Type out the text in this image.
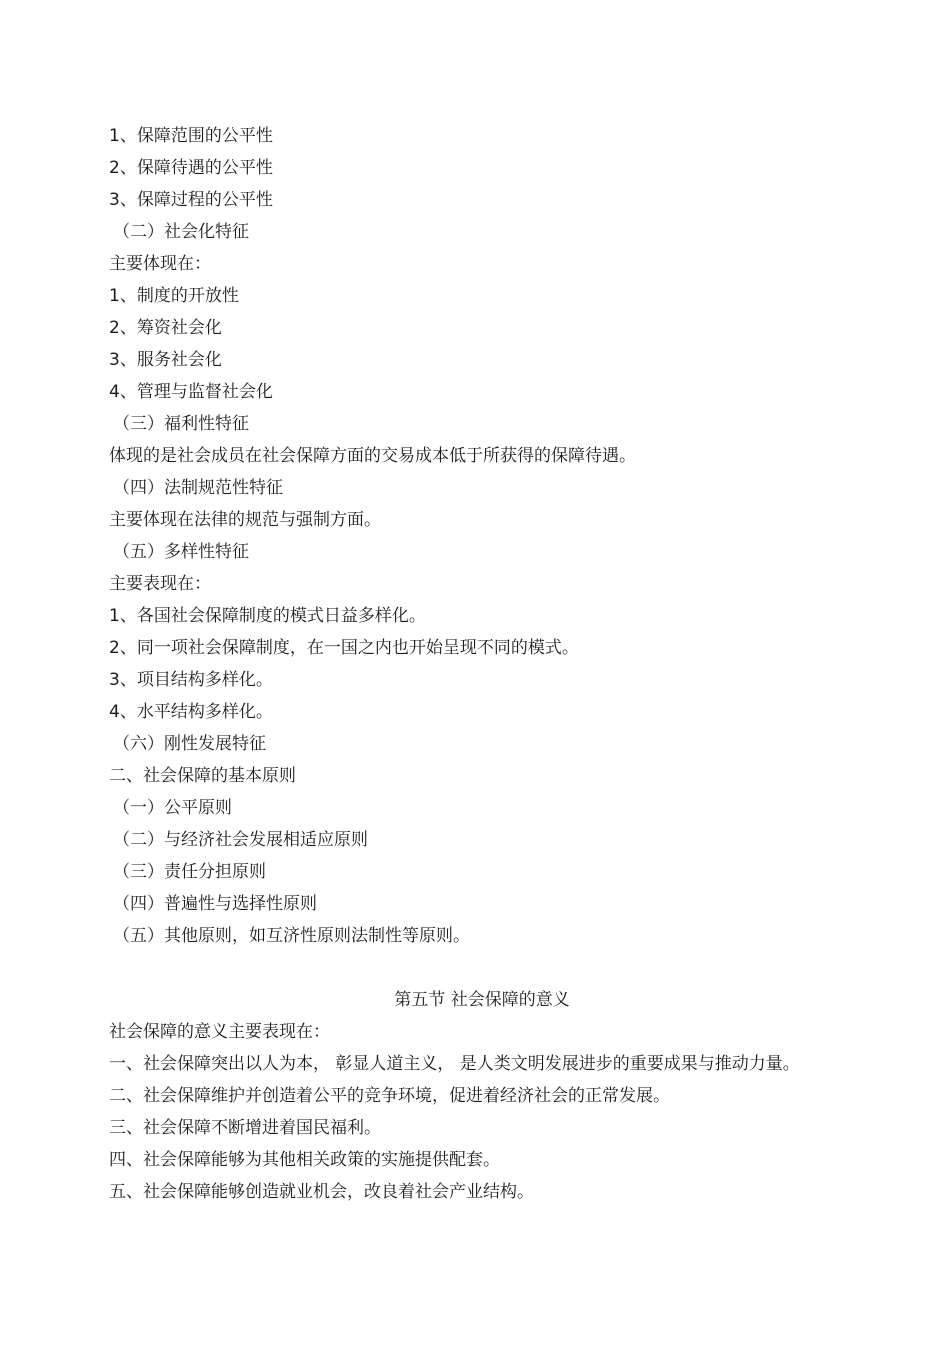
1、保障范围的公平性
2、保障待遇的公平性
3、保障过程的公平性
（二）社会化特征
主要体现在：
1、制度的开放性
2、筹资社会化
3、服务社会化
4、管理与监督社会化
（三）福利性特征
体现的是社会成员在社会保障方面的交易成本低于所获得的保障待遇。
（四）法制规范性特征
主要体现在法律的规范与强制方面。
（五）多样性特征
主要表现在：
1、各国社会保障制度的模式日益多样化。
2、同一项社会保障制度，在一国之内也开始呈现不同的模式。
3、项目结构多样化。
4、水平结构多样化。
（六）刚性发展特征
二、社会保障的基本原则
（一）公平原则
（二）与经济社会发展相适应原则
（三）责任分担原则
（四）普遍性与选择性原则
（五）其他原则，如互济性原则法制性等原则。
第五节 社会保障的意义
社会保障的意义主要表现在：
一、社会保障突出以人为本， 彰显人道主义， 是人类文明发展进步的重要成果与推动力量。
二、社会保障维护并创造着公平的竞争环境，促进着经济社会的正常发展。
三、社会保障不断增进着国民福利。
四、社会保障能够为其他相关政策的实施提供配套。
五、社会保障能够创造就业机会，改良着社会产业结构。
